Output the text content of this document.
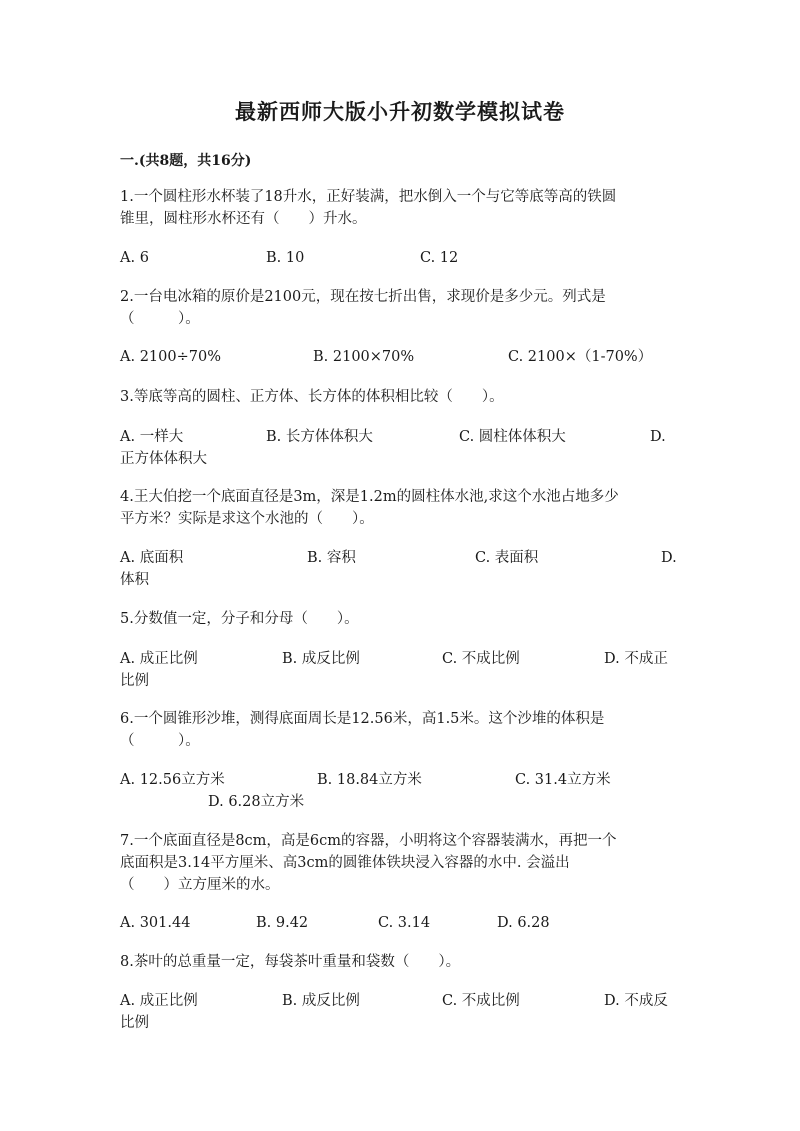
最新西师大版小升初数学模拟试卷
一.(共8题，共16分)
1.一个圆柱形水杯装了18升水，正好装满，把水倒入一个与它等底等高的铁圆
锥里，圆柱形水杯还有（　　）升水。
A. 6	B. 10	C. 12
2.一台电冰箱的原价是2100元，现在按七折出售，求现价是多少元。列式是
（　　　）。
A. 2100÷70%	B. 2100×70%	C. 2100×（1-70%）
3.等底等高的圆柱、正方体、长方体的体积相比较（　　）。
A. 一样大	B. 长方体体积大	C. 圆柱体体积大	D.
正方体体积大
4.王大伯挖一个底面直径是3m，深是1.2m的圆柱体水池,求这个水池占地多少
平方米？实际是求这个水池的（　　）。
A. 底面积	B. 容积	C. 表面积	D.
体积
5.分数值一定，分子和分母（　　）。
A. 成正比例	B. 成反比例	C. 不成比例	D. 不成正
比例
6.一个圆锥形沙堆，测得底面周长是12.56米，高1.5米。这个沙堆的体积是
（　　　）。
A. 12.56立方米	B. 18.84立方米	C. 31.4立方米
D. 6.28立方米
7.一个底面直径是8cm，高是6cm的容器，小明将这个容器装满水，再把一个
底面积是3.14平方厘米、高3cm的圆锥体铁块浸入容器的水中. 会溢出
（　　）立方厘米的水。
A. 301.44	B. 9.42	C. 3.14	D. 6.28
8.茶叶的总重量一定，每袋茶叶重量和袋数（　　）。
A. 成正比例	B. 成反比例	C. 不成比例	D. 不成反
比例
